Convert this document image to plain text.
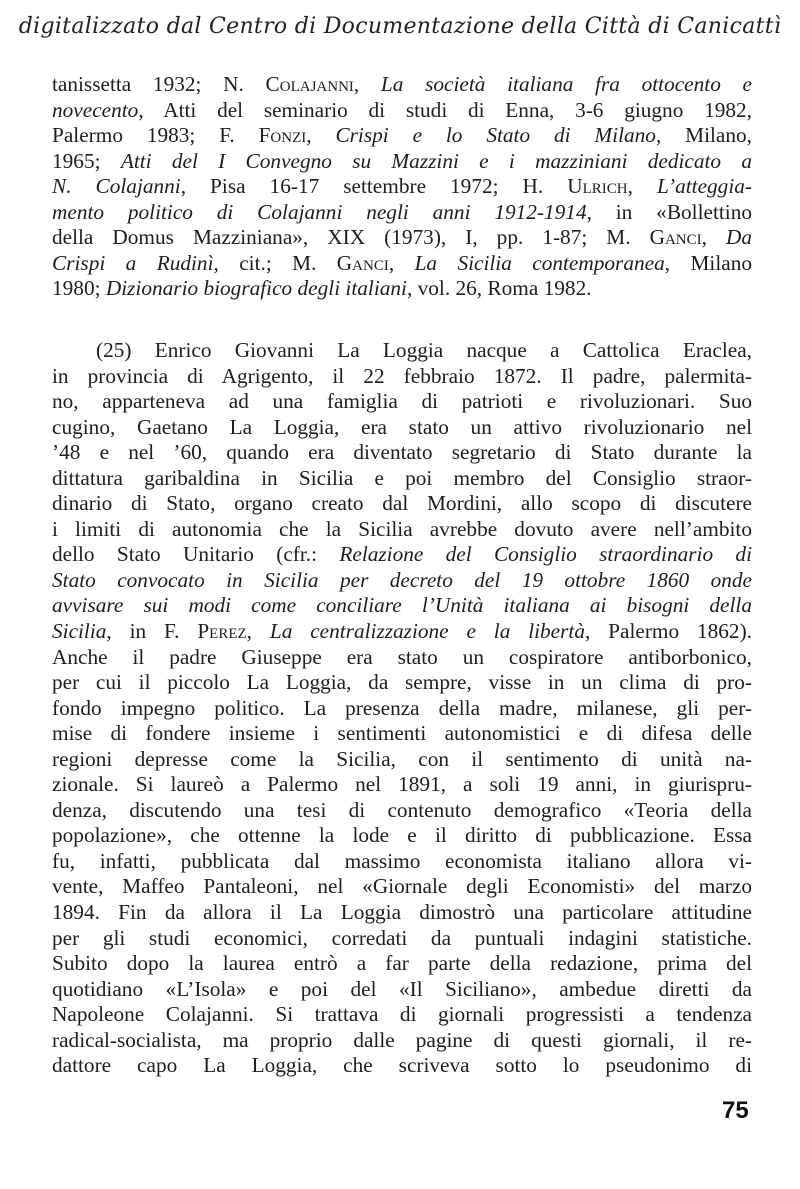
digitalizzato dal Centro di Documentazione della Città di Canicattì
tanissetta 1932; N. Colajanni, La società italiana fra ottocento e
novecento, Atti del seminario di studi di Enna, 3-6 giugno 1982,
Palermo 1983; F. Fonzi, Crispi e lo Stato di Milano, Milano,
1965; Atti del I Convegno su Mazzini e i mazziniani dedicato a
N. Colajanni, Pisa 16-17 settembre 1972; H. Ulrich, L’atteggia-
mento politico di Colajanni negli anni 1912-1914, in «Bollettino
della Domus Mazziniana», XIX (1973), I, pp. 1-87; M. Ganci, Da
Crispi a Rudinì, cit.; M. Ganci, La Sicilia contemporanea, Milano
1980; Dizionario biografico degli italiani, vol. 26, Roma 1982.
(25) Enrico Giovanni La Loggia nacque a Cattolica Eraclea,
in provincia di Agrigento, il 22 febbraio 1872. Il padre, palermita-
no, apparteneva ad una famiglia di patrioti e rivoluzionari. Suo
cugino, Gaetano La Loggia, era stato un attivo rivoluzionario nel
’48 e nel ’60, quando era diventato segretario di Stato durante la
dittatura garibaldina in Sicilia e poi membro del Consiglio straor-
dinario di Stato, organo creato dal Mordini, allo scopo di discutere
i limiti di autonomia che la Sicilia avrebbe dovuto avere nell’ambito
dello Stato Unitario (cfr.: Relazione del Consiglio straordinario di
Stato convocato in Sicilia per decreto del 19 ottobre 1860 onde
avvisare sui modi come conciliare l’Unità italiana ai bisogni della
Sicilia, in F. Perez, La centralizzazione e la libertà, Palermo 1862).
Anche il padre Giuseppe era stato un cospiratore antiborbonico,
per cui il piccolo La Loggia, da sempre, visse in un clima di pro-
fondo impegno politico. La presenza della madre, milanese, gli per-
mise di fondere insieme i sentimenti autonomistici e di difesa delle
regioni depresse come la Sicilia, con il sentimento di unità na-
zionale. Si laureò a Palermo nel 1891, a soli 19 anni, in giurispru-
denza, discutendo una tesi di contenuto demografico «Teoria della
popolazione», che ottenne la lode e il diritto di pubblicazione. Essa
fu, infatti, pubblicata dal massimo economista italiano allora vi-
vente, Maffeo Pantaleoni, nel «Giornale degli Economisti» del marzo
1894. Fin da allora il La Loggia dimostrò una particolare attitudine
per gli studi economici, corredati da puntuali indagini statistiche.
Subito dopo la laurea entrò a far parte della redazione, prima del
quotidiano «L’Isola» e poi del «Il Siciliano», ambedue diretti da
Napoleone Colajanni. Si trattava di giornali progressisti a tendenza
radical-socialista, ma proprio dalle pagine di questi giornali, il re-
dattore capo La Loggia, che scriveva sotto lo pseudonimo di
75
